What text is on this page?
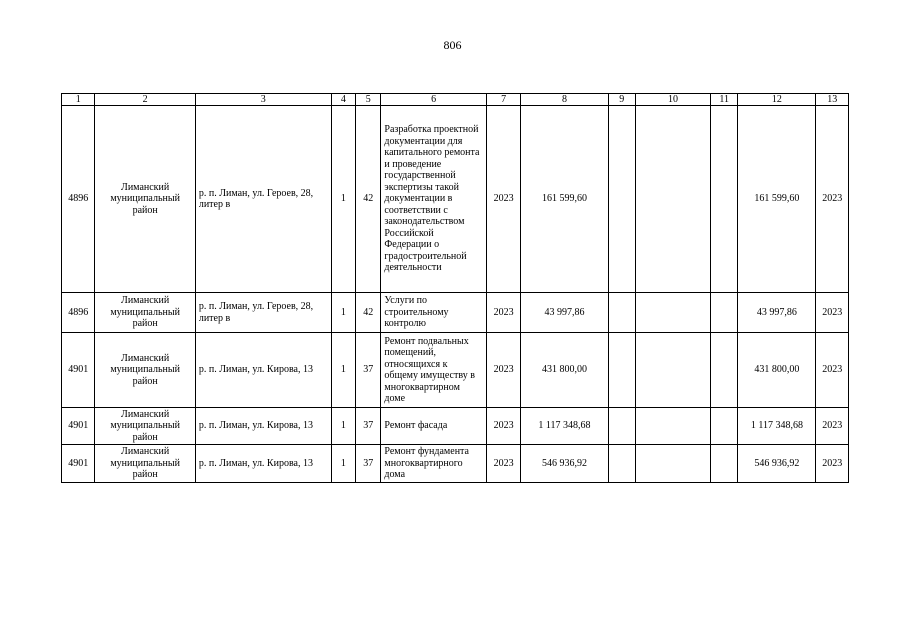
806
1	2	3	4	5	6	7	8	9	10	11	12	13
4896	Лиманский муниципальный район	р. п. Лиман, ул. Героев, 28, литер в	1	42	Разработка проектной документации для капитального ремонта и проведение государственной экспертизы такой документации в соответствии с законодательством Российской Федерации о градостроительной деятельности	2023	161 599,60				161 599,60	2023
4896	Лиманский муниципальный район	р. п. Лиман, ул. Героев, 28, литер в	1	42	Услуги по строительному контролю	2023	43 997,86				43 997,86	2023
4901	Лиманский муниципальный район	р. п. Лиман, ул. Кирова, 13	1	37	Ремонт подвальных помещений, относящихся к общему имуществу в многоквартирном доме	2023	431 800,00				431 800,00	2023
4901	Лиманский муниципальный район	р. п. Лиман, ул. Кирова, 13	1	37	Ремонт фасада	2023	1 117 348,68				1 117 348,68	2023
4901	Лиманский муниципальный район	р. п. Лиман, ул. Кирова, 13	1	37	Ремонт фундамента многоквартирного дома	2023	546 936,92				546 936,92	2023
